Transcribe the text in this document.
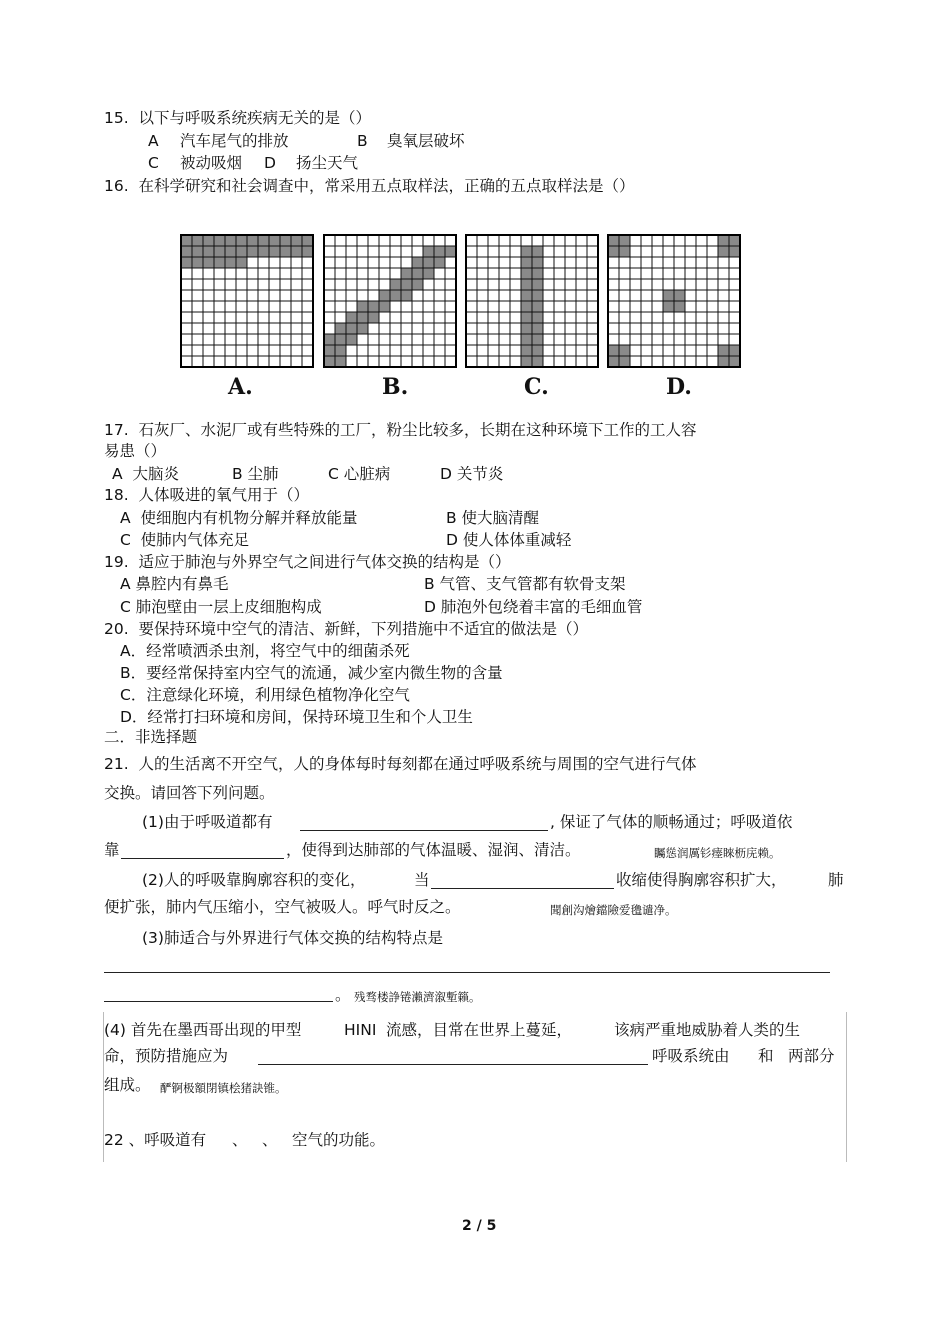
15.  以下与呼吸系统疾病无关的是（）
A 汽车尾气的排放	B 臭氧层破坏
C 被动吸烟 D 扬尘天气
16.  在科学研究和社会调查中，常采用五点取样法，正确的五点取样法是（）
A.	B.	C.	D.
17.  石灰厂、水泥厂或有些特殊的工厂，粉尘比较多，长期在这种环境下工作的工人容
易患（）
A  大脑炎	B 尘肺	C 心脏病	D 关节炎
18.  人体吸进的氧气用于（）
A  使细胞内有机物分解并释放能量	B 使大脑清醒
C  使肺内气体充足	D 使人体体重减轻
19.  适应于肺泡与外界空气之间进行气体交换的结构是（）
A 鼻腔内有鼻毛	B 气管、支气管都有软骨支架
C 肺泡壁由一层上皮细胞构成	D 肺泡外包绕着丰富的毛细血管
20.  要保持环境中空气的清洁、新鲜，下列措施中不适宜的做法是（）
A．经常喷洒杀虫剂，将空气中的细菌杀死
B．要经常保持室内空气的流通，减少室内微生物的含量
C．注意绿化环境，利用绿色植物净化空气
D．经常打扫环境和房间，保持环境卫生和个人卫生
二．非选择题
21.  人的生活离不开空气，人的身体每时每刻都在通过呼吸系统与周围的空气进行气体
交换。请回答下列问题。
(1)由于呼吸道都有	, 保证了气体的顺畅通过；呼吸道依
靠	，使得到达肺部的气体温暖、湿润、清洁。	矚慫润厲钐瘗睞枥庑赖。
(2)人的呼吸靠胸廓容积的变化，	当	收缩使得胸廓容积扩大，	肺
便扩张，肺内气压缩小，空气被吸人。呼气时反之。	聞創沟燴鐺險爱氇谴净。
(3)肺适合与外界进行气体交换的结构特点是
。 残骛楼諍锩瀨濟溆塹籟。
(4) 首先在墨西哥出现的甲型	HINI 流感，目常在世界上蔓延，	该病严重地威胁着人类的生
命，预防措施应为	呼吸系统由 和 两部分
组成。 酽锕极額閉镇桧猪訣锥。
22 、呼吸道有 、 、 空气的功能。
2 / 5
